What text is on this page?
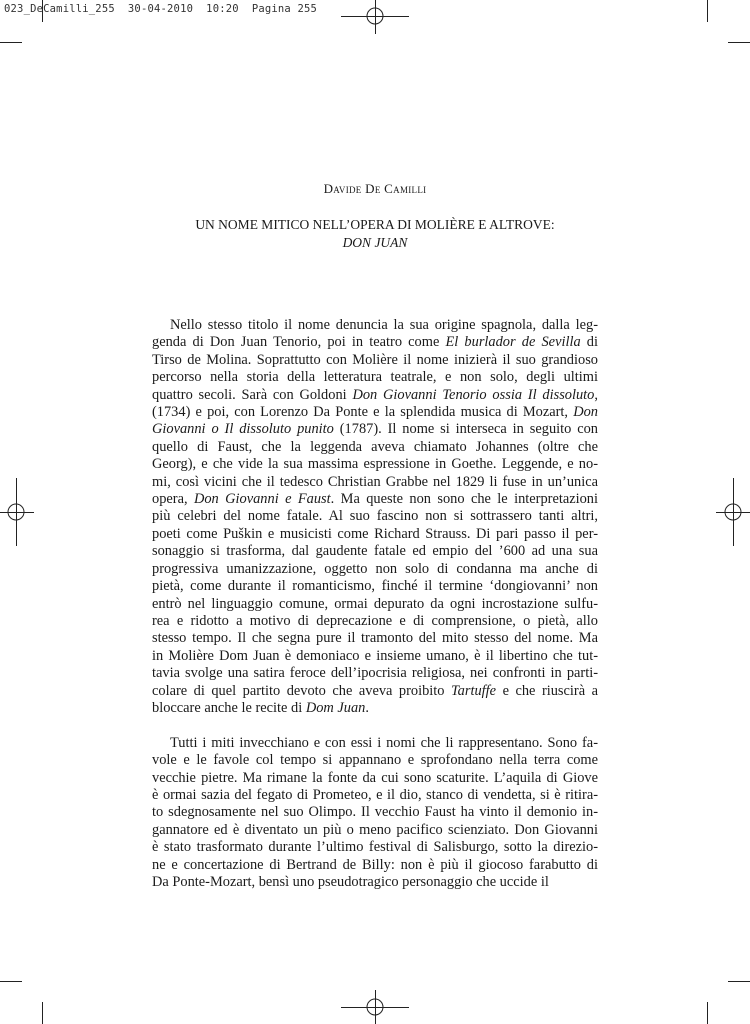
023_DeCamilli_255  30-04-2010  10:20  Pagina 255
Davide De Camilli
UN NOME MITICO NELL’OPERA DI MOLIÈRE E ALTROVE:
DON JUAN

Nello stesso titolo il nome denuncia la sua origine spagnola, dalla leg-
genda di Don Juan Tenorio, poi in teatro come El burlador de Sevilla di
Tirso de Molina. Soprattutto con Molière il nome inizierà il suo grandioso
percorso nella storia della letteratura teatrale, e non solo, degli ultimi
quattro secoli. Sarà con Goldoni Don Giovanni Tenorio ossia Il dissoluto,
(1734) e poi, con Lorenzo Da Ponte e la splendida musica di Mozart, Don
Giovanni o Il dissoluto punito (1787). Il nome si interseca in seguito con
quello di Faust, che la leggenda aveva chiamato Johannes (oltre che
Georg), e che vide la sua massima espressione in Goethe. Leggende, e no-
mi, così vicini che il tedesco Christian Grabbe nel 1829 li fuse in un’unica
opera, Don Giovanni e Faust. Ma queste non sono che le interpretazioni
più celebri del nome fatale. Al suo fascino non si sottrassero tanti altri,
poeti come Puškin e musicisti come Richard Strauss. Di pari passo il per-
sonaggio si trasforma, dal gaudente fatale ed empio del ’600 ad una sua
progressiva umanizzazione, oggetto non solo di condanna ma anche di
pietà, come durante il romanticismo, finché il termine ‘dongiovanni’ non
entrò nel linguaggio comune, ormai depurato da ogni incrostazione sulfu-
rea e ridotto a motivo di deprecazione e di comprensione, o pietà, allo
stesso tempo. Il che segna pure il tramonto del mito stesso del nome. Ma
in Molière Dom Juan è demoniaco e insieme umano, è il libertino che tut-
tavia svolge una satira feroce dell’ipocrisia religiosa, nei confronti in parti-
colare di quel partito devoto che aveva proibito Tartuffe e che riuscirà a
bloccare anche le recite di Dom Juan.

Tutti i miti invecchiano e con essi i nomi che li rappresentano. Sono fa-
vole e le favole col tempo si appannano e sprofondano nella terra come
vecchie pietre. Ma rimane la fonte da cui sono scaturite. L’aquila di Giove
è ormai sazia del fegato di Prometeo, e il dio, stanco di vendetta, si è ritira-
to sdegnosamente nel suo Olimpo. Il vecchio Faust ha vinto il demonio in-
gannatore ed è diventato un più o meno pacifico scienziato. Don Giovanni
è stato trasformato durante l’ultimo festival di Salisburgo, sotto la direzio-
ne e concertazione di Bertrand de Billy: non è più il giocoso farabutto di
Da Ponte-Mozart, bensì uno pseudotragico personaggio che uccide il
